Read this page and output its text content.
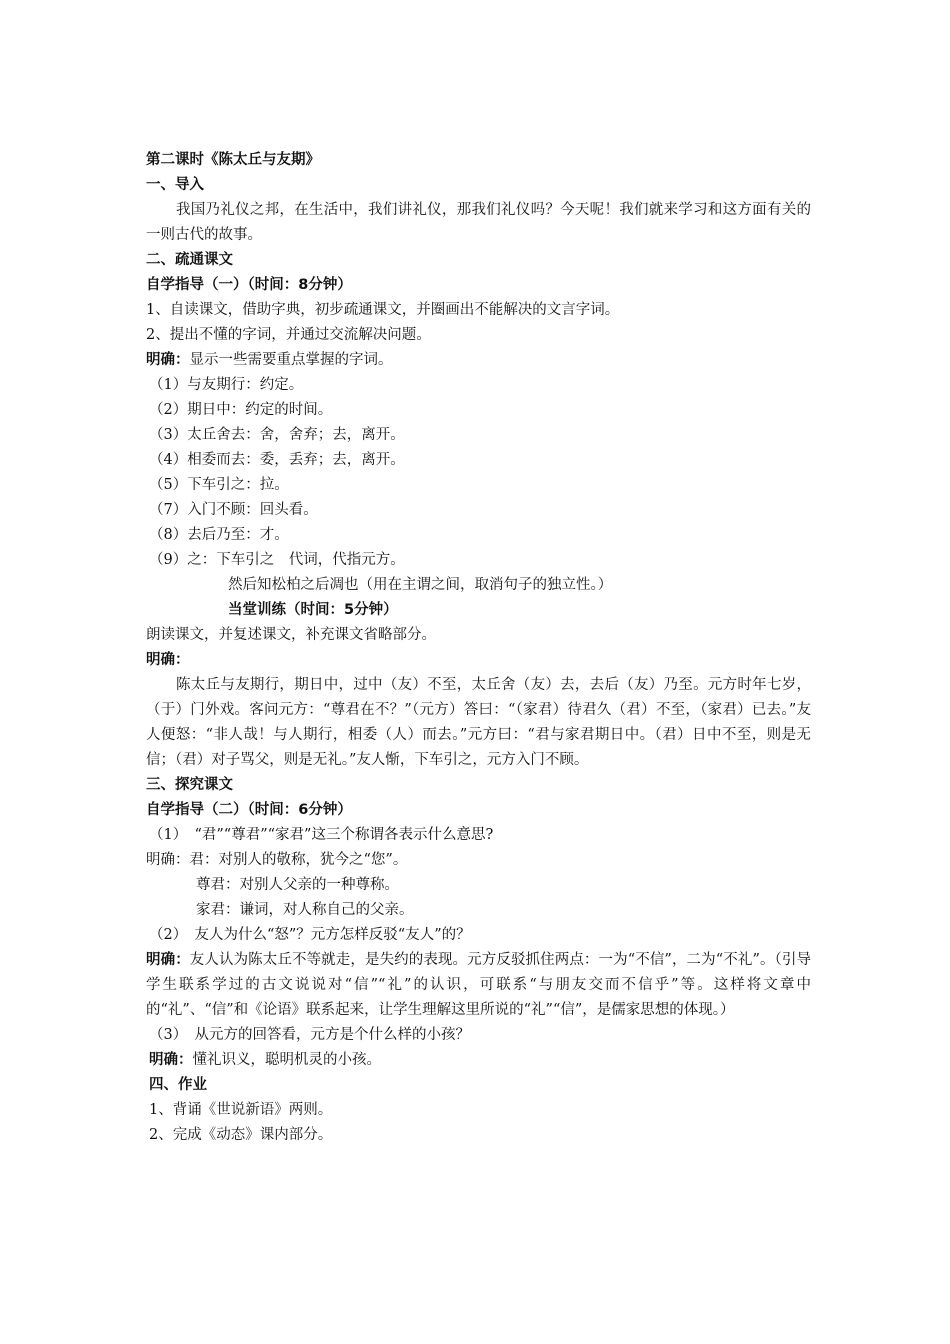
第二课时《陈太丘与友期》
一、导入
我国乃礼仪之邦，在生活中，我们讲礼仪，那我们礼仪吗？今天呢！我们就来学习和这方面有关的一则古代的故事。
二、疏通课文
自学指导（一）（时间：8分钟）
1、自读课文，借助字典，初步疏通课文，并圈画出不能解决的文言字词。
2、提出不懂的字词，并通过交流解决问题。
明确：显示一些需要重点掌握的字词。
（1）与友期行：约定。
（2）期日中：约定的时间。
（3）太丘舍去：舍，舍弃；去，离开。
（4）相委而去：委，丢弃；去，离开。
（5）下车引之：拉。
（7）入门不顾：回头看。
（8）去后乃至：才。
（9）之：下车引之　代词，代指元方。
然后知松柏之后凋也（用在主谓之间，取消句子的独立性。）
当堂训练（时间：5分钟）
朗读课文，并复述课文，补充课文省略部分。
明确：
陈太丘与友期行，期日中，过中（友）不至，太丘舍（友）去，去后（友）乃至。元方时年七岁，（于）门外戏。客问元方：“尊君在不？”（元方）答曰：“（家君）待君久（君）不至，（家君）已去。”友人便怒：“非人哉！与人期行，相委（人）而去。”元方曰：“君与家君期日中。（君）日中不至，则是无信；（君）对子骂父，则是无礼。”友人惭，下车引之，元方入门不顾。
三、探究课文
自学指导（二）（时间：6分钟）
（1）　“君”“尊君”“家君”这三个称谓各表示什么意思?
明确：君：对别人的敬称，犹今之“您”。
尊君：对别人父亲的一种尊称。
家君：谦词，对人称自己的父亲。
（2）　友人为什么“怒”？元方怎样反驳“友人”的？
明确：友人认为陈太丘不等就走，是失约的表现。元方反驳抓住两点：一为“不信”，二为“不礼”。（引导学生联系学过的古文说说对“信”“礼”的认识，可联系“与朋友交而不信乎”等。这样将文章中的“礼”、“信”和《论语》联系起来，让学生理解这里所说的“礼”“信”，是儒家思想的体现。）
（3）　从元方的回答看，元方是个什么样的小孩？
明确：懂礼识义，聪明机灵的小孩。
四、作业
1、背诵《世说新语》两则。
2、完成《动态》课内部分。
